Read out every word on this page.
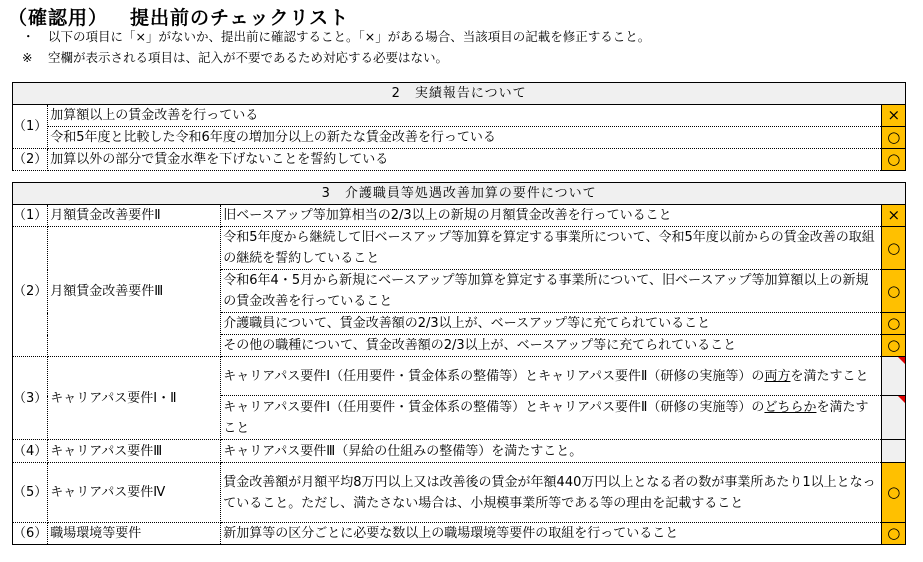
（確認用） 提出前のチェックリスト
・ 以下の項目に「×」がないか、提出前に確認すること。「×」がある場合、当該項目の記載を修正すること。
※ 空欄が表示される項目は、記入が不要であるため対応する必要はない。
2　実績報告について		
（1）	加算額以上の賃金改善を行っている	×
	令和5年度と比較した令和6年度の増加分以上の新たな賃金改善を行っている	○
（2）	加算以外の部分で賃金水準を下げないことを誓約している	○
3　介護職員等処遇改善加算の要件について			
（1）	月額賃金改善要件Ⅱ	旧ベースアップ等加算相当の2/3以上の新規の月額賃金改善を行っていること	×
（2）	月額賃金改善要件Ⅲ	令和5年度から継続して旧ベースアップ等加算を算定する事業所について、令和5年度以前からの賃金改善の取組の継続を誓約していること	○
		令和6年4・5月から新規にベースアップ等加算を算定する事業所について、旧ベースアップ等加算額以上の新規の賃金改善を行っていること	○
		介護職員について、賃金改善額の2/3以上が、ベースアップ等に充てられていること	○
		その他の職種について、賃金改善額の2/3以上が、ベースアップ等に充てられていること	○
（3）	キャリアパス要件Ⅰ・Ⅱ	キャリアパス要件Ⅰ（任用要件・賃金体系の整備等）とキャリアパス要件Ⅱ（研修の実施等）の両方を満たすこと	

		キャリアパス要件Ⅰ（任用要件・賃金体系の整備等）とキャリアパス要件Ⅱ（研修の実施等）のどちらかを満たすこと	

（4）	キャリアパス要件Ⅲ	キャリアパス要件Ⅲ（昇給の仕組みの整備等）を満たすこと。	
（5）	キャリアパス要件Ⅳ	賃金改善額が月額平均8万円以上又は改善後の賃金が年額440万円以上となる者の数が事業所あたり1以上となっていること。ただし、満たさない場合は、小規模事業所等である等の理由を記載すること	○
（6）	職場環境等要件	新加算等の区分ごとに必要な数以上の職場環境等要件の取組を行っていること	○
